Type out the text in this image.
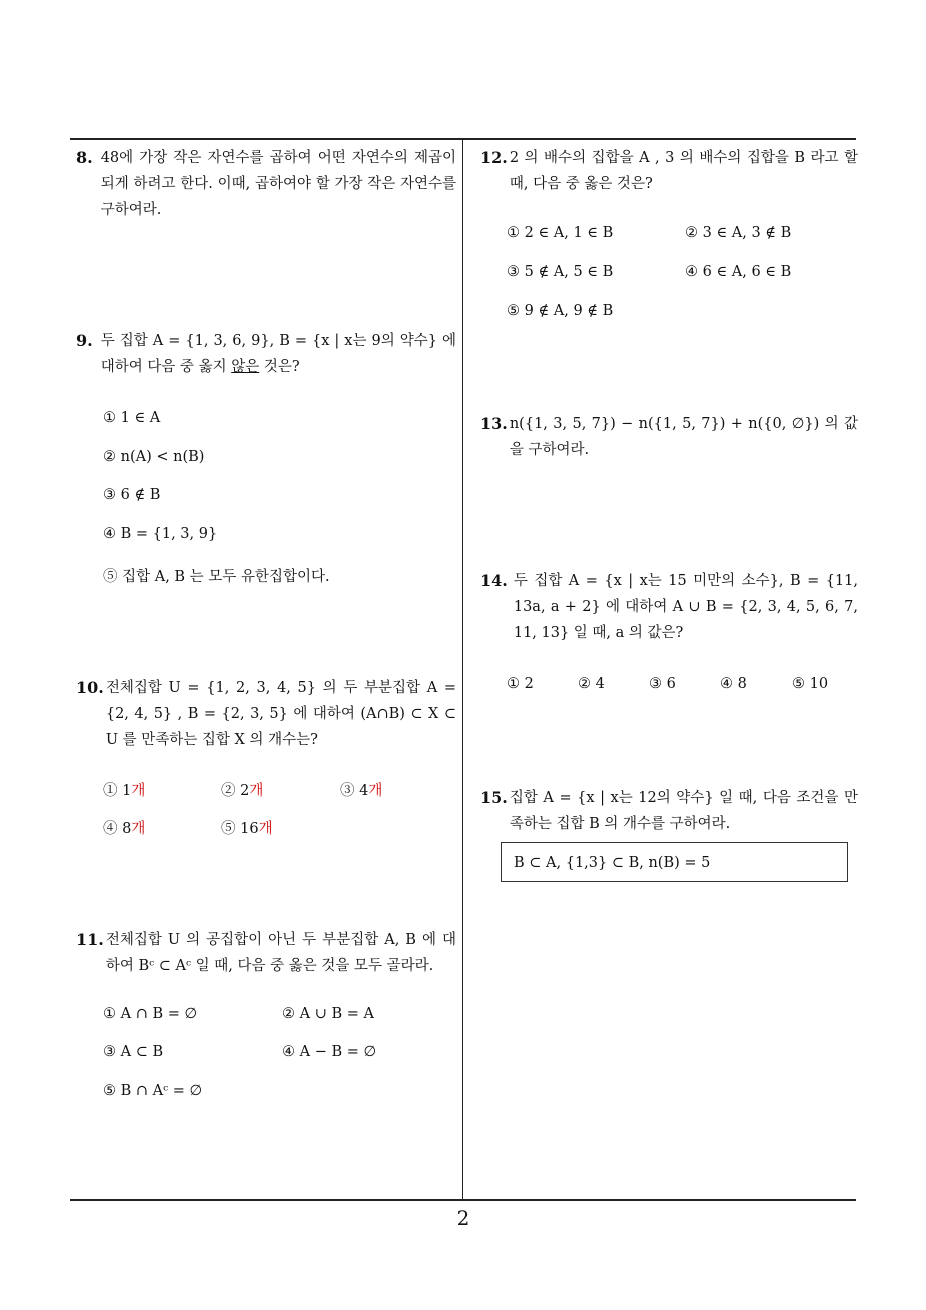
8. 48에 가장 작은 자연수를 곱하여 어떤 자연수의 제곱이 되게 하려고 한다. 이때, 곱하여야 할 가장 작은 자연수를 구하여라.
9. 두 집합 A = {1, 3, 6, 9}, B = {x | x는 9의 약수} 에 대하여 다음 중 옳지 않은 것은?
① 1 ∈ A
② n(A) < n(B)
③ 6 ∉ B
④ B = {1, 3, 9}
⑤ 집합 A, B 는 모두 유한집합이다.
10. 전체집합 U = {1, 2, 3, 4, 5} 의 두 부분집합 A = {2, 4, 5} , B = {2, 3, 5} 에 대하여 (A∩B) ⊂ X ⊂ U 를 만족하는 집합 X 의 개수는?
① 1개	② 2개	③ 4개
④ 8개	⑤ 16개
11. 전체집합 U 의 공집합이 아닌 두 부분집합 A, B 에 대하여 Bᶜ ⊂ Aᶜ 일 때, 다음 중 옳은 것을 모두 골라라.
① A ∩ B = ∅	② A ∪ B = A
③ A ⊂ B	④ A − B = ∅
⑤ B ∩ Aᶜ = ∅
12. 2 의 배수의 집합을 A , 3 의 배수의 집합을 B 라고 할 때, 다음 중 옳은 것은?
① 2 ∈ A, 1 ∈ B	② 3 ∈ A, 3 ∉ B
③ 5 ∉ A, 5 ∈ B	④ 6 ∈ A, 6 ∈ B
⑤ 9 ∉ A, 9 ∉ B
13. n({1, 3, 5, 7}) − n({1, 5, 7}) + n({0, ∅}) 의 값을 구하여라.
14. 두 집합 A = {x | x는 15 미만의 소수}, B = {11, 13a, a + 2} 에 대하여 A ∪ B = {2, 3, 4, 5, 6, 7, 11, 13} 일 때, a 의 값은?
① 2	② 4	③ 6	④ 8	⑤ 10
15. 집합 A = {x | x는 12의 약수} 일 때, 다음 조건을 만족하는 집합 B 의 개수를 구하여라.
B ⊂ A, {1,3} ⊂ B, n(B) = 5
2
